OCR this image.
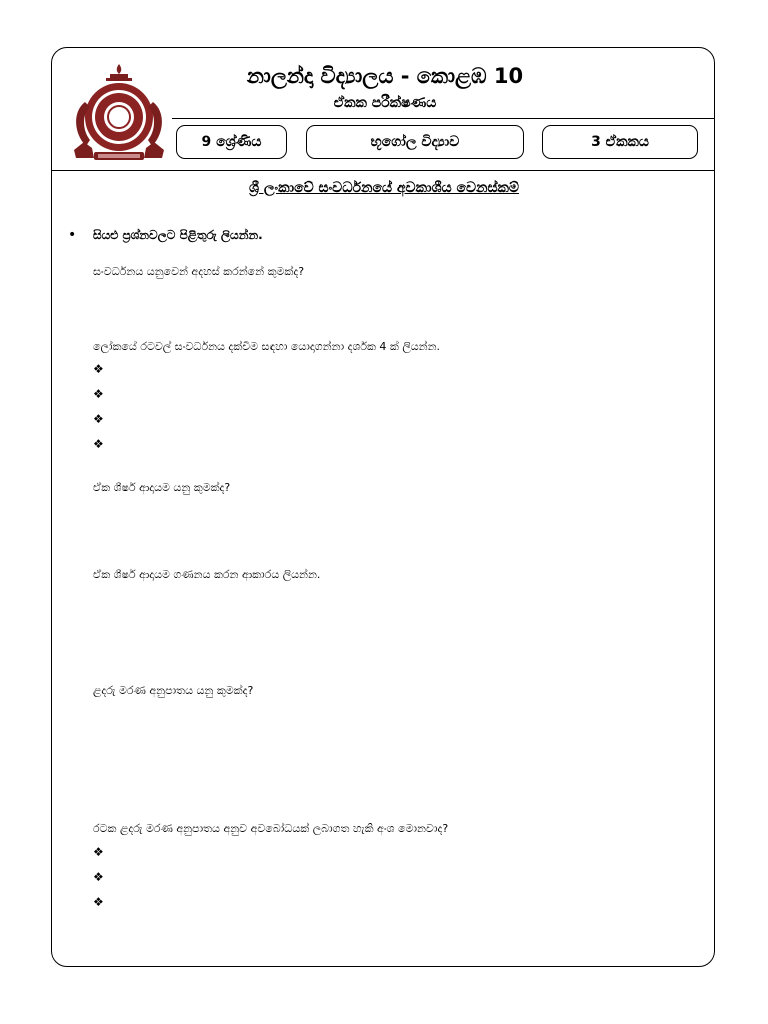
නාලන්දා විද්‍යාලය - කොළඹ 10
ඒකක පරීක්ෂණය
9 ශ්‍රේණිය	භූගෝල විද්‍යාව	3 ඒකකය
ශ්‍රී ලංකාවේ සංවර්ධනයේ අවකාශීය වෙනස්කම්
• සියළු ප්‍රශ්නවලට පිළිතුරු ලියන්න.
සංවර්ධනය යනුවෙන් අදහස් කරන්නේ කුමක්ද?
ලෝකයේ රටවල් සංවර්ධනය දක්වීම සඳහා යොදාගන්නා දර්ශක 4 ක් ලියන්න.
❖
❖
❖
❖
ඒක ශීර්ෂ ආදායම යනු කුමක්ද?
ඒක ශීර්ෂ ආදායම ගණනය කරන ආකාරය ලියන්න.
ළදරු මරණ අනුපාතය යනු කුමක්ද?
රටක ළදරු මරණ අනුපාතය අනුව අවබෝධයක් ලබාගත හැකි අංශ මොනවාද?
❖
❖
❖
